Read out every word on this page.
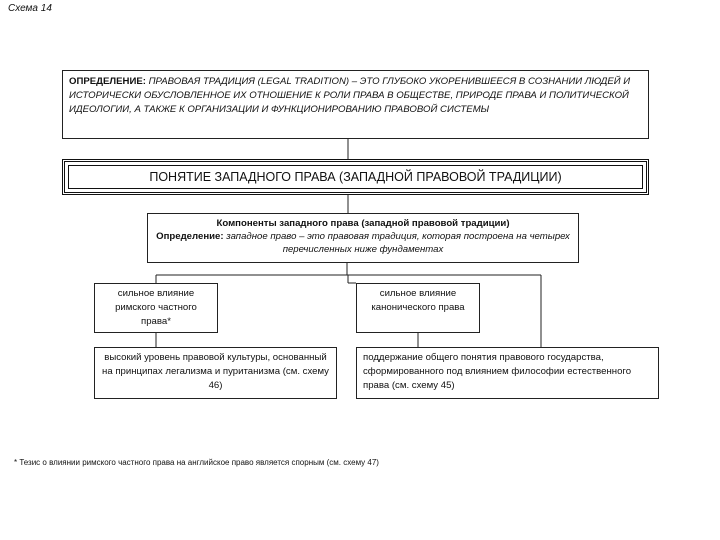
Схема 14
ОПРЕДЕЛЕНИЕ: ПРАВОВАЯ ТРАДИЦИЯ (LEGAL TRADITION) – ЭТО ГЛУБОКО УКОРЕНИВШЕЕСЯ В СОЗНАНИИ ЛЮДЕЙ И ИСТОРИЧЕСКИ ОБУСЛОВЛЕННОЕ ИХ ОТНОШЕНИЕ К РОЛИ ПРАВА В ОБЩЕСТВЕ, ПРИРОДЕ ПРАВА И ПОЛИТИЧЕСКОЙ ИДЕОЛОГИИ, А ТАКЖЕ К ОРГАНИЗАЦИИ И ФУНКЦИОНИРОВАНИЮ ПРАВОВОЙ СИСТЕМЫ
ПОНЯТИЕ ЗАПАДНОГО ПРАВА (ЗАПАДНОЙ ПРАВОВОЙ ТРАДИЦИИ)
Компоненты западного права (западной правовой традиции)
Определение: западное право – это правовая традиция, которая построена на четырех перечисленных ниже фундаментах
сильное влияние римского частного права*
сильное влияние канонического права
высокий уровень правовой культуры, основанный на принципах легализма и пуританизма (см. схему 46)
поддержание общего понятия правового государства, сформированного под влиянием философии естественного права (см. схему 45)
* Тезис о влиянии римского частного права на английское право является спорным (см. схему 47)
